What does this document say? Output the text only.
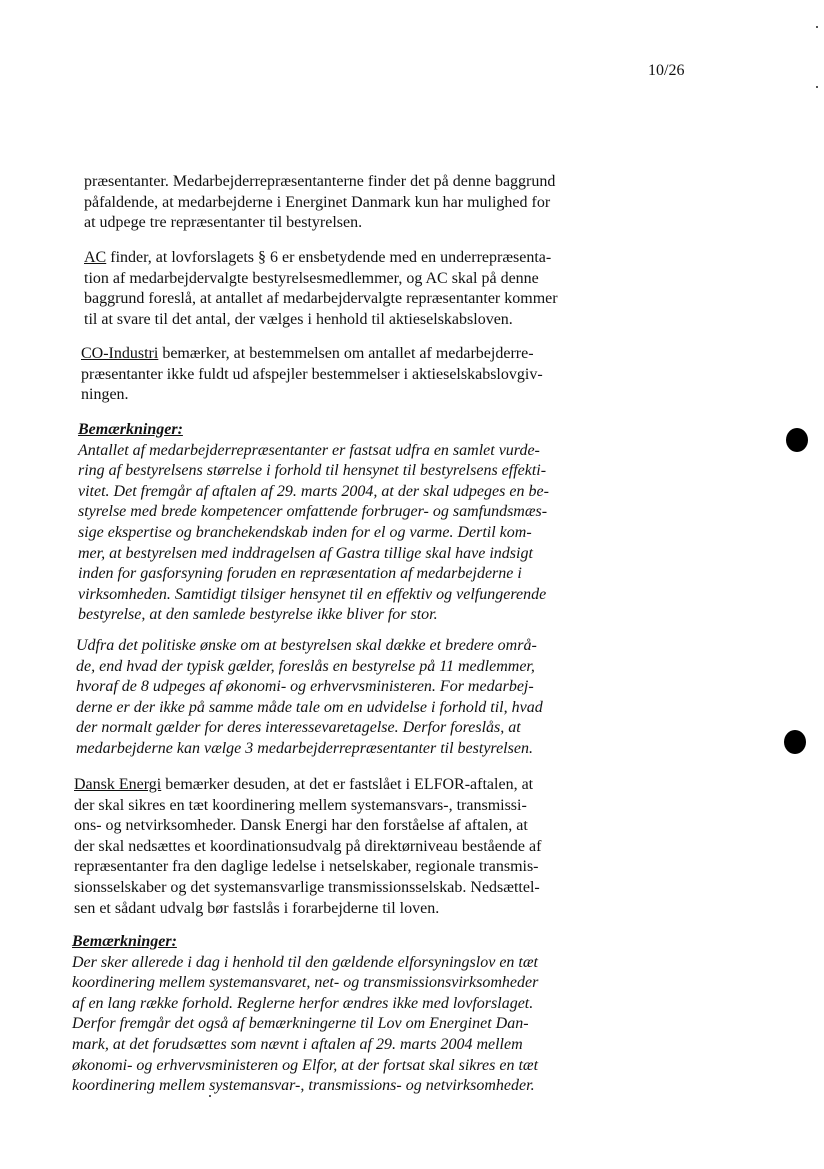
10/26
præsentanter. Medarbejderrepræsentanterne finder det på denne baggrund
påfaldende, at medarbejderne i Energinet Danmark kun har mulighed for
at udpege tre repræsentanter til bestyrelsen.
AC finder, at lovforslagets § 6 er ensbetydende med en underrepræsenta-
tion af medarbejdervalgte bestyrelsesmedlemmer, og AC skal på denne
baggrund foreslå, at antallet af medarbejdervalgte repræsentanter kommer
til at svare til det antal, der vælges i henhold til aktieselskabsloven.
CO-Industri bemærker, at bestemmelsen om antallet af medarbejderre-
præsentanter ikke fuldt ud afspejler bestemmelser i aktieselskabslovgiv-
ningen.
Bemærkninger:
Antallet af medarbejderrepræsentanter er fastsat udfra en samlet vurde-
ring af bestyrelsens størrelse i forhold til hensynet til bestyrelsens effekti-
vitet. Det fremgår af aftalen af 29. marts 2004, at der skal udpeges en be-
styrelse med brede kompetencer omfattende forbruger- og samfundsmæs-
sige ekspertise og branchekendskab inden for el og varme. Dertil kom-
mer, at bestyrelsen med inddragelsen af Gastra tillige skal have indsigt
inden for gasforsyning foruden en repræsentation af medarbejderne i
virksomheden. Samtidigt tilsiger hensynet til en effektiv og velfungerende
bestyrelse, at den samlede bestyrelse ikke bliver for stor.
Udfra det politiske ønske om at bestyrelsen skal dække et bredere områ-
de, end hvad der typisk gælder, foreslås en bestyrelse på 11 medlemmer,
hvoraf de 8 udpeges af økonomi- og erhvervsministeren. For medarbej-
derne er der ikke på samme måde tale om en udvidelse i forhold til, hvad
der normalt gælder for deres interessevaretagelse. Derfor foreslås, at
medarbejderne kan vælge 3 medarbejderrepræsentanter til bestyrelsen.
Dansk Energi bemærker desuden, at det er fastslået i ELFOR-aftalen, at
der skal sikres en tæt koordinering mellem systemansvars-, transmissi-
ons- og netvirksomheder. Dansk Energi har den forståelse af aftalen, at
der skal nedsættes et koordinationsudvalg på direktørniveau bestående af
repræsentanter fra den daglige ledelse i netselskaber, regionale transmis-
sionsselskaber og det systemansvarlige transmissionsselskab. Nedsættel-
sen et sådant udvalg bør fastslås i forarbejderne til loven.
Bemærkninger:
Der sker allerede i dag i henhold til den gældende elforsyningslov en tæt
koordinering mellem systemansvaret, net- og transmissionsvirksomheder
af en lang række forhold. Reglerne herfor ændres ikke med lovforslaget.
Derfor fremgår det også af bemærkningerne til Lov om Energinet Dan-
mark, at det forudsættes som nævnt i aftalen af 29. marts 2004 mellem
økonomi- og erhvervsministeren og Elfor, at der fortsat skal sikres en tæt
koordinering mellem systemansvar-, transmissions- og netvirksomheder.
